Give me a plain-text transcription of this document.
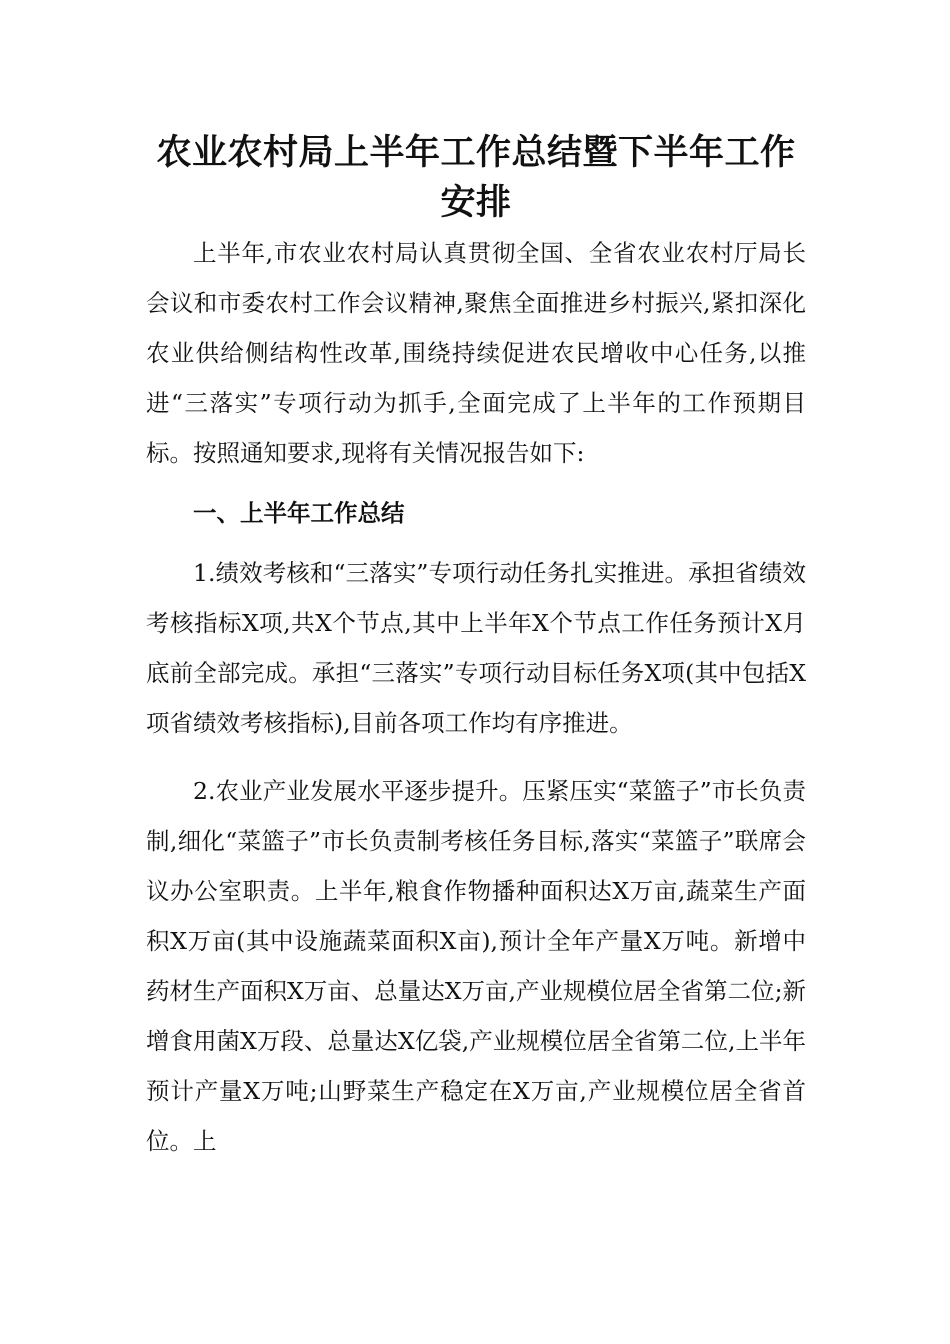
农业农村局上半年工作总结暨下半年工作
安排

上半年,市农业农村局认真贯彻全国、全省农业农村厅局长会议和市委农村工作会议精神,聚焦全面推进乡村振兴,紧扣深化农业供给侧结构性改革,围绕持续促进农民增收中心任务,以推进“三落实”专项行动为抓手,全面完成了上半年的工作预期目标。按照通知要求,现将有关情况报告如下:

一、上半年工作总结

1.绩效考核和“三落实”专项行动任务扎实推进。承担省绩效考核指标X项,共X个节点,其中上半年X个节点工作任务预计X月底前全部完成。承担“三落实”专项行动目标任务X项(其中包括X项省绩效考核指标),目前各项工作均有序推进。

2.农业产业发展水平逐步提升。压紧压实“菜篮子”市长负责制,细化“菜篮子”市长负责制考核任务目标,落实“菜篮子”联席会议办公室职责。上半年,粮食作物播种面积达X万亩,蔬菜生产面积X万亩(其中设施蔬菜面积X亩),预计全年产量X万吨。新增中药材生产面积X万亩、总量达X万亩,产业规模位居全省第二位;新增食用菌X万段、总量达X亿袋,产业规模位居全省第二位,上半年预计产量X万吨;山野菜生产稳定在X万亩,产业规模位居全省首位。上
